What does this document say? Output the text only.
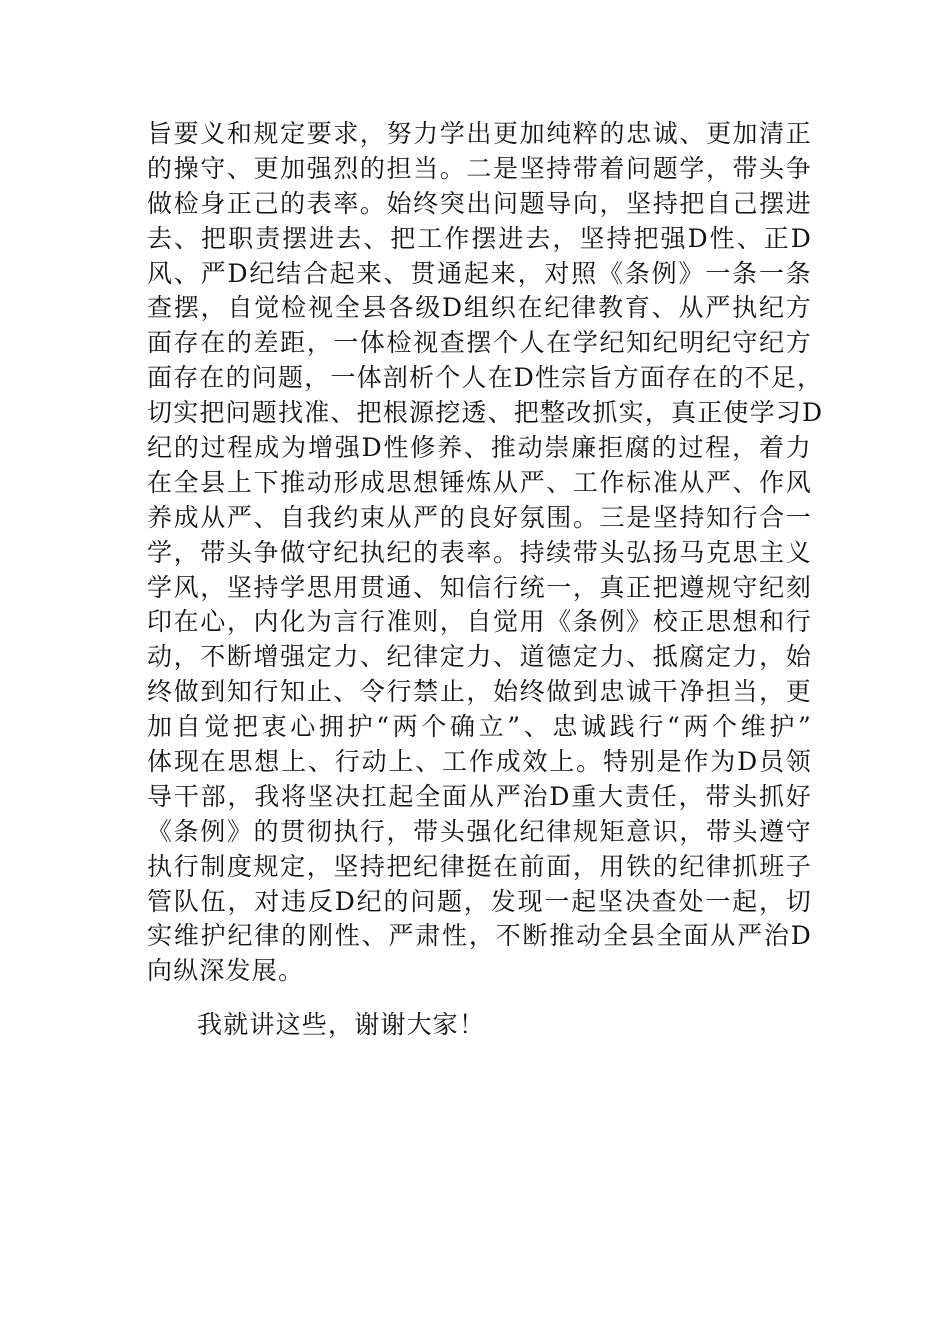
旨要义和规定要求，努力学出更加纯粹的忠诚、更加清正
的操守、更加强烈的担当。二是坚持带着问题学，带头争
做检身正己的表率。始终突出问题导向，坚持把自己摆进
去、把职责摆进去、把工作摆进去，坚持把强D性、正D
风、严D纪结合起来、贯通起来，对照《条例》一条一条
查摆，自觉检视全县各级D组织在纪律教育、从严执纪方
面存在的差距，一体检视查摆个人在学纪知纪明纪守纪方
面存在的问题，一体剖析个人在D性宗旨方面存在的不足，
切实把问题找准、把根源挖透、把整改抓实，真正使学习D
纪的过程成为增强D性修养、推动崇廉拒腐的过程，着力
在全县上下推动形成思想锤炼从严、工作标准从严、作风
养成从严、自我约束从严的良好氛围。三是坚持知行合一
学，带头争做守纪执纪的表率。持续带头弘扬马克思主义
学风，坚持学思用贯通、知信行统一，真正把遵规守纪刻
印在心，内化为言行准则，自觉用《条例》校正思想和行
动，不断增强定力、纪律定力、道德定力、抵腐定力，始
终做到知行知止、令行禁止，始终做到忠诚干净担当，更
加自觉把衷心拥护“两个确立”、忠诚践行“两个维护”
体现在思想上、行动上、工作成效上。特别是作为D员领
导干部，我将坚决扛起全面从严治D重大责任，带头抓好
《条例》的贯彻执行，带头强化纪律规矩意识，带头遵守
执行制度规定，坚持把纪律挺在前面，用铁的纪律抓班子
管队伍，对违反D纪的问题，发现一起坚决查处一起，切
实维护纪律的刚性、严肃性，不断推动全县全面从严治D
向纵深发展。
我就讲这些，谢谢大家！
